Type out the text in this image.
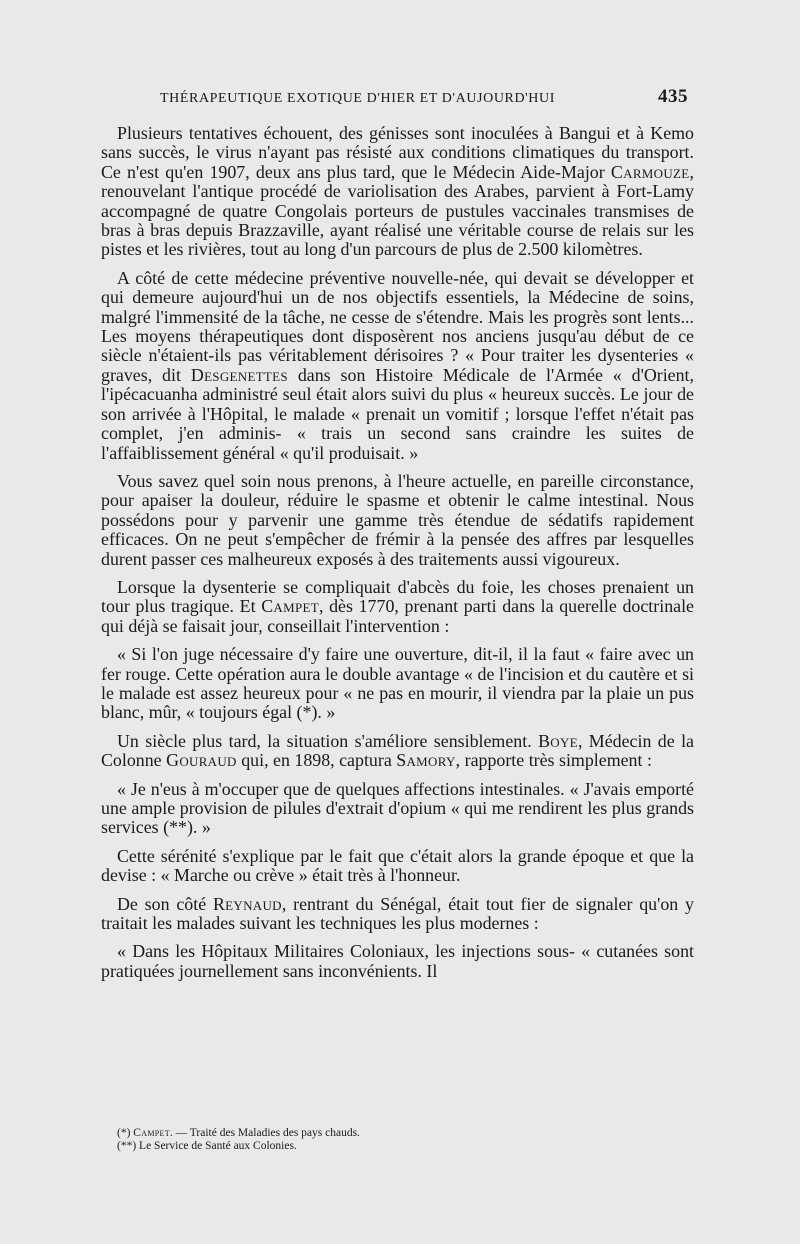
THÉRAPEUTIQUE EXOTIQUE D'HIER ET D'AUJOURD'HUI	435

Plusieurs tentatives échouent, des génisses sont inoculées à Bangui et à Kemo sans succès, le virus n'ayant pas résisté aux conditions climatiques du transport. Ce n'est qu'en 1907, deux ans plus tard, que le Médecin Aide-Major Carmouze, renouvelant l'antique procédé de variolisation des Arabes, parvient à Fort-Lamy accompagné de quatre Congolais porteurs de pustules vaccinales transmises de bras à bras depuis Brazzaville, ayant réalisé une véritable course de relais sur les pistes et les rivières, tout au long d'un parcours de plus de 2.500 kilomètres.

A côté de cette médecine préventive nouvelle-née, qui devait se développer et qui demeure aujourd'hui un de nos objectifs essentiels, la Médecine de soins, malgré l'immensité de la tâche, ne cesse de s'étendre. Mais les progrès sont lents... Les moyens thérapeutiques dont disposèrent nos anciens jusqu'au début de ce siècle n'étaient-ils pas véritablement dérisoires ? « Pour traiter les dysenteries « graves, dit Desgenettes dans son Histoire Médicale de l'Armée « d'Orient, l'ipécacuanha administré seul était alors suivi du plus « heureux succès. Le jour de son arrivée à l'Hôpital, le malade « prenait un vomitif ; lorsque l'effet n'était pas complet, j'en adminis- « trais un second sans craindre les suites de l'affaiblissement général « qu'il produisait. »

Vous savez quel soin nous prenons, à l'heure actuelle, en pareille circonstance, pour apaiser la douleur, réduire le spasme et obtenir le calme intestinal. Nous possédons pour y parvenir une gamme très étendue de sédatifs rapidement efficaces. On ne peut s'empêcher de frémir à la pensée des affres par lesquelles durent passer ces malheureux exposés à des traitements aussi vigoureux.

Lorsque la dysenterie se compliquait d'abcès du foie, les choses prenaient un tour plus tragique. Et Campet, dès 1770, prenant parti dans la querelle doctrinale qui déjà se faisait jour, conseillait l'intervention :

« Si l'on juge nécessaire d'y faire une ouverture, dit-il, il la faut « faire avec un fer rouge. Cette opération aura le double avantage « de l'incision et du cautère et si le malade est assez heureux pour « ne pas en mourir, il viendra par la plaie un pus blanc, mûr, « toujours égal (*). »

Un siècle plus tard, la situation s'améliore sensiblement. Boye, Médecin de la Colonne Gouraud qui, en 1898, captura Samory, rapporte très simplement :

« Je n'eus à m'occuper que de quelques affections intestinales. « J'avais emporté une ample provision de pilules d'extrait d'opium « qui me rendirent les plus grands services (**). »

Cette sérénité s'explique par le fait que c'était alors la grande époque et que la devise : « Marche ou crève » était très à l'honneur.

De son côté Reynaud, rentrant du Sénégal, était tout fier de signaler qu'on y traitait les malades suivant les techniques les plus modernes :

« Dans les Hôpitaux Militaires Coloniaux, les injections sous- « cutanées sont pratiquées journellement sans inconvénients. Il

(*) Campet. — Traité des Maladies des pays chauds.
(**) Le Service de Santé aux Colonies.
